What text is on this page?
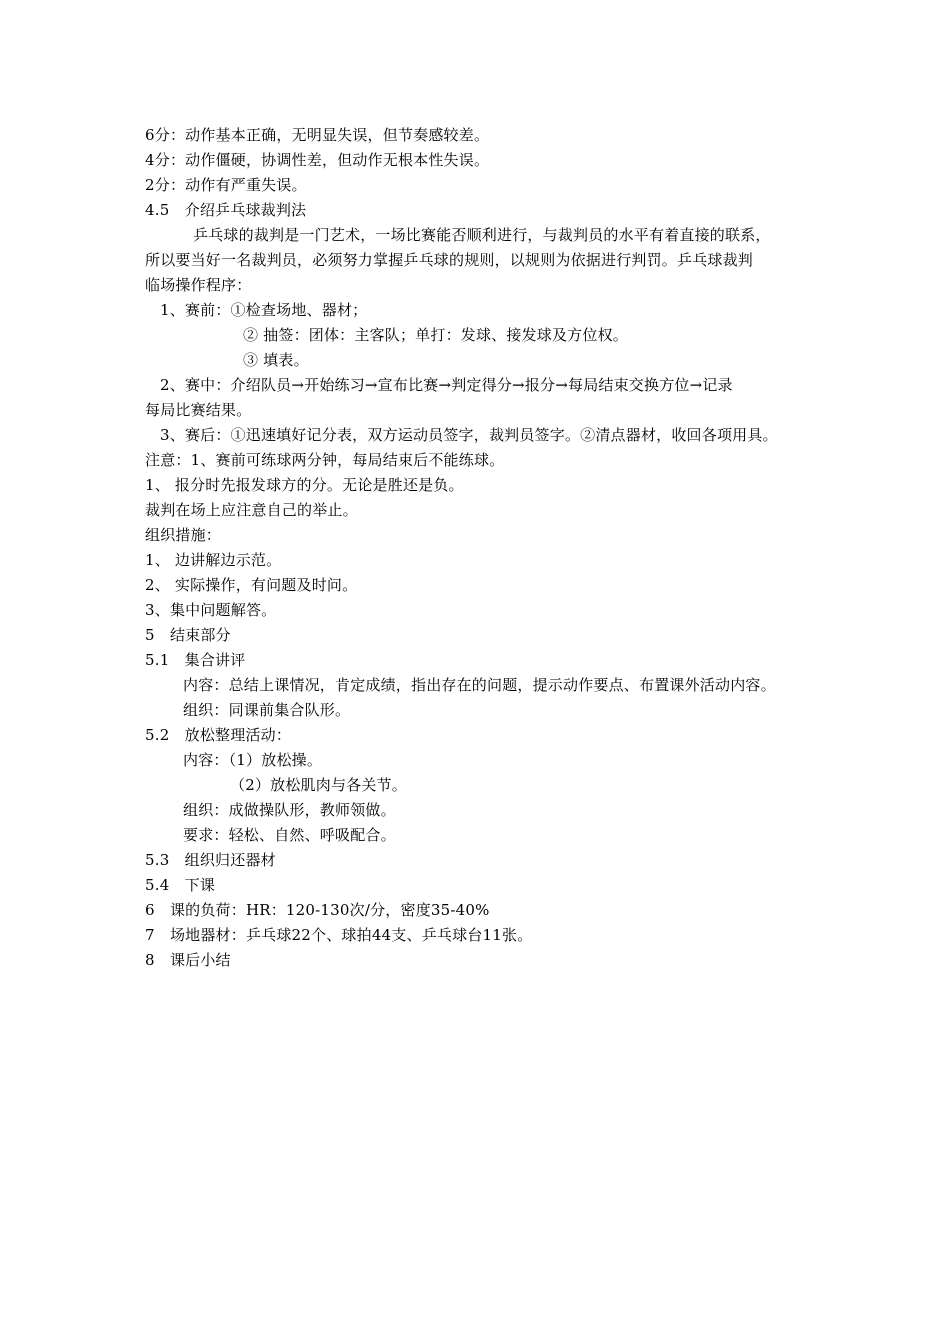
6分：动作基本正确，无明显失误，但节奏感较差。
4分：动作僵硬，协调性差，但动作无根本性失误。
2分：动作有严重失误。
4.5　介绍乒乓球裁判法
乒乓球的裁判是一门艺术，一场比赛能否顺利进行，与裁判员的水平有着直接的联系，
所以要当好一名裁判员，必须努力掌握乒乓球的规则，以规则为依据进行判罚。乒乓球裁判
临场操作程序：
1、赛前：①检查场地、器材；
② 抽签：团体：主客队；单打：发球、接发球及方位权。
③ 填表。
2、赛中：介绍队员→开始练习→宣布比赛→判定得分→报分→每局结束交换方位→记录
每局比赛结果。
3、赛后：①迅速填好记分表，双方运动员签字，裁判员签字。②清点器材，收回各项用具。
注意：1、赛前可练球两分钟，每局结束后不能练球。
1、 报分时先报发球方的分。无论是胜还是负。
裁判在场上应注意自己的举止。
组织措施：
1、 边讲解边示范。
2、 实际操作，有问题及时问。
3、集中问题解答。
5　结束部分
5.1　集合讲评
内容：总结上课情况，肯定成绩，指出存在的问题，提示动作要点、布置课外活动内容。
组织：同课前集合队形。
5.2　放松整理活动：
内容：（1）放松操。
（2）放松肌肉与各关节。
组织：成做操队形，教师领做。
要求：轻松、自然、呼吸配合。
5.3　组织归还器材
5.4　下课
6　课的负荷：HR：120-130次/分，密度35-40%
7　场地器材：乒乓球22个、球拍44支、乒乓球台11张。
8　课后小结
